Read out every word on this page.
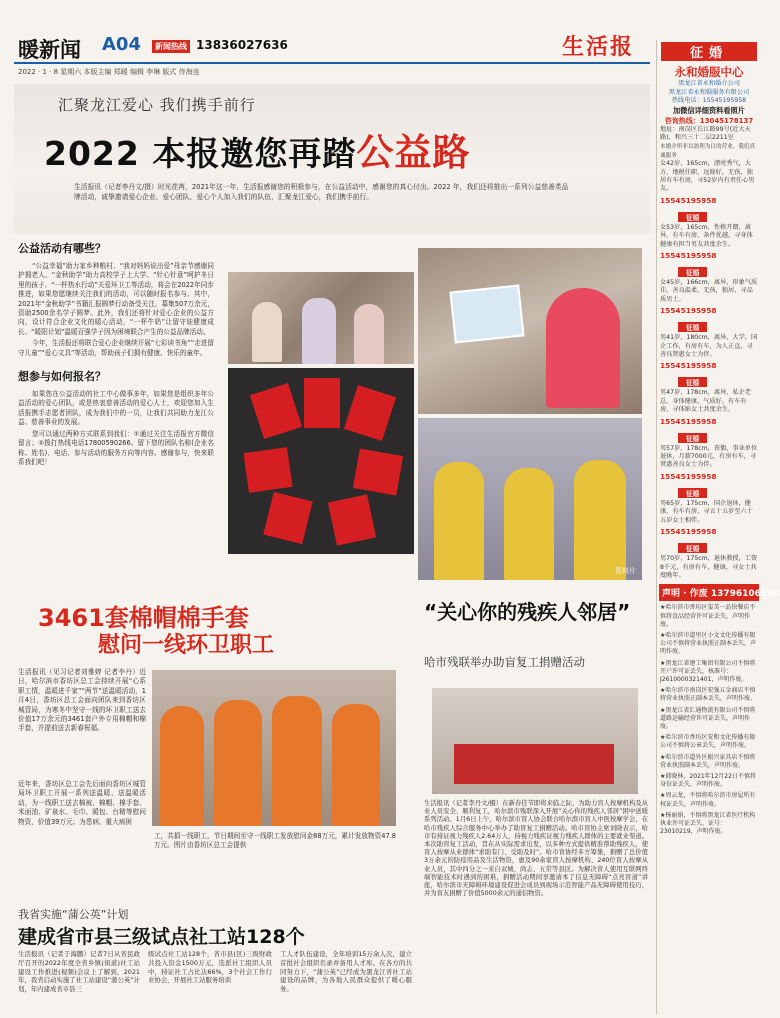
暖新闻 A04	新闻热线 13836027636	生活报
2022 · 1 · 8 星期六 本版主编 郑暖 编辑 李琳 版式 佟海连
汇聚龙江爱心 我们携手前行
2022 本报邀您再踏公益路
生活报讯（记者李丹文/摄）时光荏苒，2021年这一年，生活报感谢您的积极参与，在公益活动中，感谢您的真心付出。2022 年，我们还将推出一系列公益慈善类品牌活动，诚挚邀请爱心企业、爱心团队、爱心个人加入我们的队伍，汇聚龙江爱心，我们携手前行。
公益活动有哪些？
“公益幸福”助力家乡种粮村、“我对妈妈说出爱”母亲节感谢同护拥老人、“金秋助学”助力高校学子上大学、“针心针意”呵护冬日里的孩子、“一杯热水行动”关爱环卫工等活动，将会在2022年同步推进，如果您愿继续关注我们的活动，可以随时报名参与。其中，2021年“金秋助学”书籍汇报圆梦行动备受关注，募集507万余元，资助2500余名学子圆梦。此外，我们还将针对爱心企业的公益方向，设计符合企业文化的暖心活动，“一杯牛奶”让留守娃健康成长、“暖阳计划”温暖百强学子因为困境联合产生的公益品牌活动。
今年，生活报还将联合爱心企业继续开展“七彩读书角”“走进留守儿童”“爱心文具”等活动，帮助孩子们拥有健康、快乐的童年。
想参与如何报名？
如果您在公益活动的社工中心做事多年，如果您是组织多年公益活动的爱心团队，或是热衷慈善活动的爱心人士，欢迎您加入生活报携手志愿者团队，成为我们中的一员，让我们共同助力龙江公益、慈善事业的发展。
您可以通过两种方式联系到我们：①通过关注生活报官方微信留言；②拨打热线电话17800590266。留下您的团队名称(企业名称、姓名)、电话、参与活动的服务方向等内容。感谢参与，快来联系我们吧！
资料片
3461套棉帽棉手套
慰问一线环卫职工
生活报讯（见习记者刘雅婷 记者李丹）近日，哈尔滨市香坊区总工会持续开展“心系职工情，温暖进千家”“两节”送温暖活动，1月4日，香坊区总工会面向团队来到香坊区城管局，为寒冬中坚守一线的环卫职工送去价值17万余元的3461套户外专用棉帽和棉手套，并提前送去新春祝福。
近年来，香坊区总工会先后面向香坊区城管局环卫职工开展一系列送温暖、送温暖活动，为一线职工送去棉被、棉帽、棉手套、米面油、矿泉水、毛巾、暖包、台精等慰问物资，价值39万元；为患病、重大病困
工，共捐一线职工，节日期间至守一线职工发放慰问金88万元，累计发放物资47.8万元。图片由香坊区总工会提供
“关心你的残疾人邻居”
哈市残联举办助盲复工捐赠活动
生活报讯（记者李丹文/摄）在新春佳节即将来临之际，为助力盲人按摩机构及从业人员安全、顺利复工，哈尔滨市残联深入开展“关心你的残疾人邻居”困中送暖系列活动。1月6日上午，哈尔滨市盲人协会联合哈尔滨市盲人中医按摩学会，在哈市残疾人综合服务中心举办了助盲复工捐赠活动。哈市盲协主席刘晓表示，哈市有持证视力残疾人2.64万人，持视力残疾证视力残疾人群体的主要就业渠道。本次助盲复工活动，旨在从实际需求出发，以多种方式提供精准帮助残疾人，使盲人按摩从业群体“求助有门、受助及时”。哈市盲协经多方筹集，捐赠了总价值3万余元的防疫用品及生活物资，惠及90余家盲人按摩机构、240位盲人按摩从业人员，其中四分之一来自双城、尚志、五常等县区。为解决盲人使用互联网终端智能技术时遇到的困难，捐赠活动期间享邀请本了信息无障碍“点亮盲道”讲座，哈尔滨市无障碍环境建设促进会成员到现场示范智能产品无障碍使用技巧，并为盲友捐赠了价值5000余元的通信物资。
我省实施“蒲公英”计划
建成省市县三级试点社工站128个
生活报讯（记者于海鹏）记者7日从省民政厅召开的2022年度全省乡镇(街道)社工站建设工作推进(视频)会议上了解到，2021年，我省启动实施了社工站建设“蒲公英”计划，年内建成省市县三
级试点社工站128个，省市县(区)三级财政共投入资金1500万元，选派社工组织人员中，持证社工占比达66%，3个社会工作行业协会，开展社工站服务培训
工人才队伍建设，全年培训15万余人次，建立首批社会组织名录并备用人才库。在各方的共同努力下，“蒲公英”已经成为黑龙江省社工站建设的品牌，为各地人民群众提供了暖心服务。
征婚
永和婚服中心
黑龙江省永和婚介公司
黑龙江省永和婚服务有限公司
热线电话：15545195958
加微信详细资料看照片
咨询热线：13045178137
地址：南岗区长江路99号(近大天路)，和兴三十二层2211室
本婚介所非以盈利为目的营业，我们真诚服务
女42岁，165cm，漂亮秀气，大方，地税任职，远嫁好，无孩，独居有车有房，寻52岁内有责任心男友。
15545195958
征婚
女53岁，165cm，性格开朗，离异，有车有房，条件优越，寻身体健康有担当男友共度余生。
15545195958
征婚
女45岁，166cm，离异，形象气质佳，善良温柔，无孩，独居，寻品质男士。
15545195958
征婚
男41岁，180cm，离异，大学，国企工作，有房有车，为人正直，寻善良贤惠女士为伴。
15545195958
征婚
男47岁，178cm，离异，私企老总，身体健康，气质好，有车有房，寻体贴女士共度余生。
15545195958
征婚
男57岁，178cm，丧偶，事业单位退休，月薪7000元，有房有车，寻贤惠善良女士为伴。
15545195958
征婚
男65岁，175cm，国企退休，健康，有车有房，寻五十五岁至六十五岁女士相伴。
15545195958
征婚
男70岁，175cm，退休教授，工资8千元，有房有车，健康，寻女士共度晚年。
声明 · 作废 13796106298
★哈尔滨市香坊区玺美一品快餐店不慎将食品经营许可证丢失，声明作废。
★哈尔滨市道里区小文文化传播有限公司不慎将营业执照正副本丢失，声明作废。
★黑龙江省建工集团有限公司不慎将开户许可证丢失，核准号：J2610000321401，声明作废。
★哈尔滨市南岗区宏强五金商店不慎将营业执照正副本丢失，声明作废。
★黑龙江省汇通物流有限公司不慎将道路运输经营许可证丢失，声明作废。
★哈尔滨市香坊区安和文化传播有限公司不慎将公章丢失，声明作废。
★哈尔滨市道外区振兴家具店不慎将营业执照副本丢失，声明作废。
★韩晓林，2021年12月22日不慎将身份证丢失，声明作废。
★周云龙，不慎将哈尔滨市房屋所有权证丢失，声明作废。
★杨丽娟，不慎将黑龙江省医疗机构执业许可证丢失，证号：23010219，声明作废。
